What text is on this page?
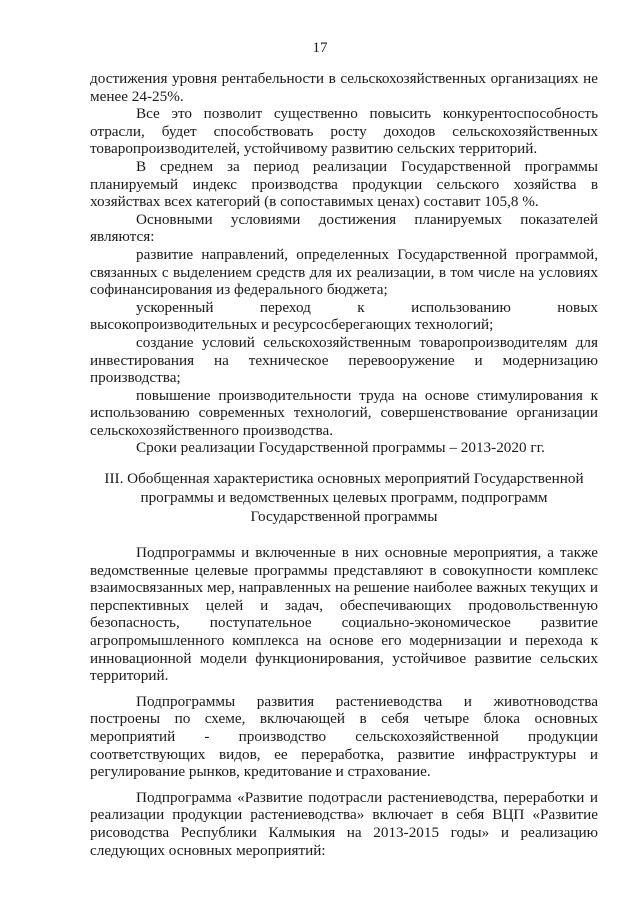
17

достижения уровня рентабельности в сельскохозяйственных организациях не менее 24-25%.

Все это позволит существенно повысить конкурентоспособность отрасли, будет способствовать росту доходов сельскохозяйственных товаропроизводителей, устойчивому развитию сельских территорий.

В среднем за период реализации Государственной программы планируемый индекс производства продукции сельского хозяйства в хозяйствах всех категорий (в сопоставимых ценах) составит 105,8 %.

Основными условиями достижения планируемых показателей являются:

развитие направлений, определенных Государственной программой, связанных с выделением средств для их реализации, в том числе на условиях софинансирования из федерального бюджета;

ускоренный переход к использованию новых высокопроизводительных и ресурсосберегающих технологий;

создание условий сельскохозяйственным товаропроизводителям для инвестирования на техническое перевооружение и модернизацию производства;

повышение производительности труда на основе стимулирования к использованию современных технологий, совершенствование организации сельскохозяйственного производства.

Сроки реализации Государственной программы – 2013-2020 гг.

III. Обобщенная характеристика основных мероприятий Государственной программы и ведомственных целевых программ, подпрограмм Государственной программы

Подпрограммы и включенные в них основные мероприятия, а также ведомственные целевые программы представляют в совокупности комплекс взаимосвязанных мер, направленных на решение наиболее важных текущих и перспективных целей и задач, обеспечивающих продовольственную безопасность, поступательное социально-экономическое развитие агропромышленного комплекса на основе его модернизации и перехода к инновационной модели функционирования, устойчивое развитие сельских территорий.

Подпрограммы развития растениеводства и животноводства построены по схеме, включающей в себя четыре блока основных мероприятий - производство сельскохозяйственной продукции соответствующих видов, ее переработка, развитие инфраструктуры и регулирование рынков, кредитование и страхование.

Подпрограмма «Развитие подотрасли растениеводства, переработки и реализации продукции растениеводства» включает в себя ВЦП «Развитие рисоводства Республики Калмыкия на 2013-2015 годы» и реализацию следующих основных мероприятий:
